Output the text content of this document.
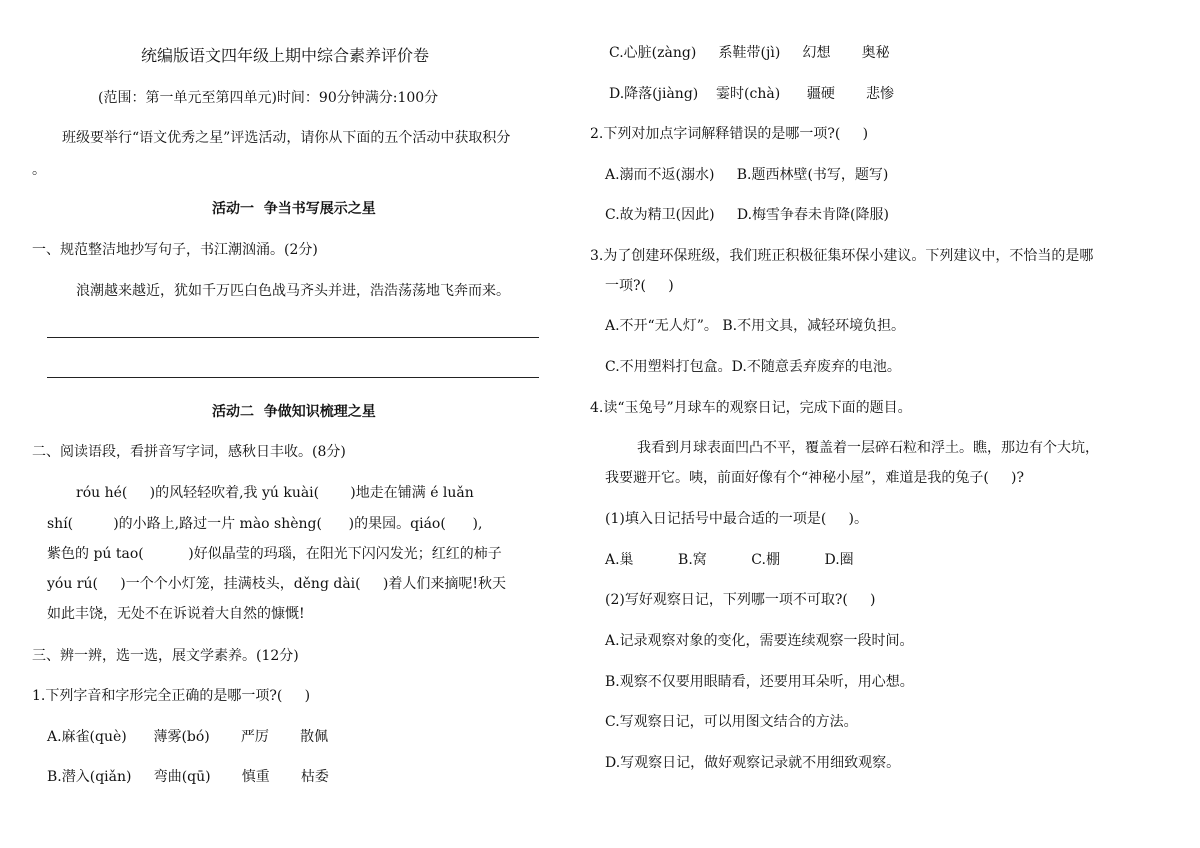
统编版语文四年级上期中综合素养评价卷
(范围：第一单元至第四单元)时间：90分钟满分:100分
班级要举行“语文优秀之星”评选活动，请你从下面的五个活动中获取积分
。
活动一  争当书写展示之星
一、规范整洁地抄写句子，书江潮汹涌。(2分)
浪潮越来越近，犹如千万匹白色战马齐头并进，浩浩荡荡地飞奔而来。
活动二  争做知识梳理之星
二、阅读语段，看拼音写字词，感秋日丰收。(8分)
róu hé(     )的风轻轻吹着,我 yú kuài(       )地走在铺满 é luǎn
shí(         )的小路上,路过一片 mào shèng(      )的果园。qiáo(      ),
紫色的 pú tao(          )好似晶莹的玛瑙，在阳光下闪闪发光；红红的柿子
yóu rú(     )一个个小灯笼，挂满枝头，děng dài(     )着人们来摘呢!秋天
如此丰饶，无处不在诉说着大自然的慷慨!
三、辨一辨，选一选，展文学素养。(12分)
1.下列字音和字形完全正确的是哪一项?(     )
A.麻雀(què)      薄雾(bó)       严厉       散佩
B.潜入(qiǎn)     弯曲(qū)       慎重       枯委
C.心脏(zàng)     系鞋带(jì)     幻想       奥秘
D.降落(jiàng)    霎时(chà)      疆硬       悲惨
2.下列对加点字词解释错误的是哪一项?(     )
A.溺而不返(溺水)     B.题西林壁(书写，题写)
C.故为精卫(因此)     D.梅雪争春未肯降(降服)
3.为了创建环保班级，我们班正积极征集环保小建议。下列建议中，不恰当的是哪
一项?(     )
A.不开“无人灯”。 B.不用文具，减轻环境负担。
C.不用塑料打包盒。D.不随意丢弃废弃的电池。
4.读“玉兔号”月球车的观察日记，完成下面的题目。
我看到月球表面凹凸不平，覆盖着一层碎石粒和浮土。瞧，那边有个大坑，
我要避开它。咦，前面好像有个“神秘小屋”，难道是我的兔子(     )?
(1)填入日记括号中最合适的一项是(     )。
A.巢          B.窝          C.棚          D.圈
(2)写好观察日记，下列哪一项不可取?(     )
A.记录观察对象的变化，需要连续观察一段时间。
B.观察不仅要用眼睛看，还要用耳朵听，用心想。
C.写观察日记，可以用图文结合的方法。
D.写观察日记，做好观察记录就不用细致观察。
